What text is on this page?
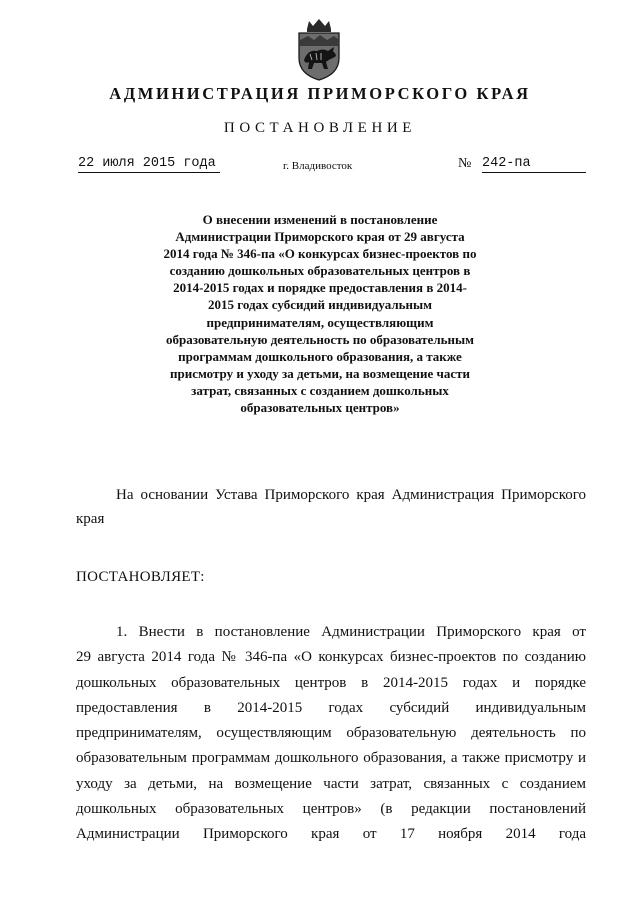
АДМИНИСТРАЦИЯ ПРИМОРСКОГО КРАЯ
ПОСТАНОВЛЕНИЕ
22 июля 2015 года	г. Владивосток	№ 242-па
О внесении изменений в постановление
Администрации Приморского края от 29 августа
2014 года № 346-па «О конкурсах бизнес-проектов по
созданию дошкольных образовательных центров в
2014-2015 годах и порядке предоставления в 2014-
2015 годах субсидий индивидуальным
предпринимателям, осуществляющим
образовательную деятельность по образовательным
программам дошкольного образования, а также
присмотру и уходу за детьми, на возмещение части
затрат, связанных с созданием дошкольных
образовательных центров»
На основании Устава Приморского края Администрация Приморского
края
ПОСТАНОВЛЯЕТ:
1. Внести в постановление Администрации Приморского края от
29 августа 2014 года № 346-па «О конкурсах бизнес-проектов по созданию
дошкольных образовательных центров в 2014-2015 годах и порядке
предоставления в 2014-2015 годах субсидий индивидуальным
предпринимателям, осуществляющим образовательную деятельность по
образовательным программам дошкольного образования, а также присмотру и
уходу за детьми, на возмещение части затрат, связанных с созданием
дошкольных образовательных центров» (в редакции постановлений
Администрации Приморского края от 17 ноября 2014 года
